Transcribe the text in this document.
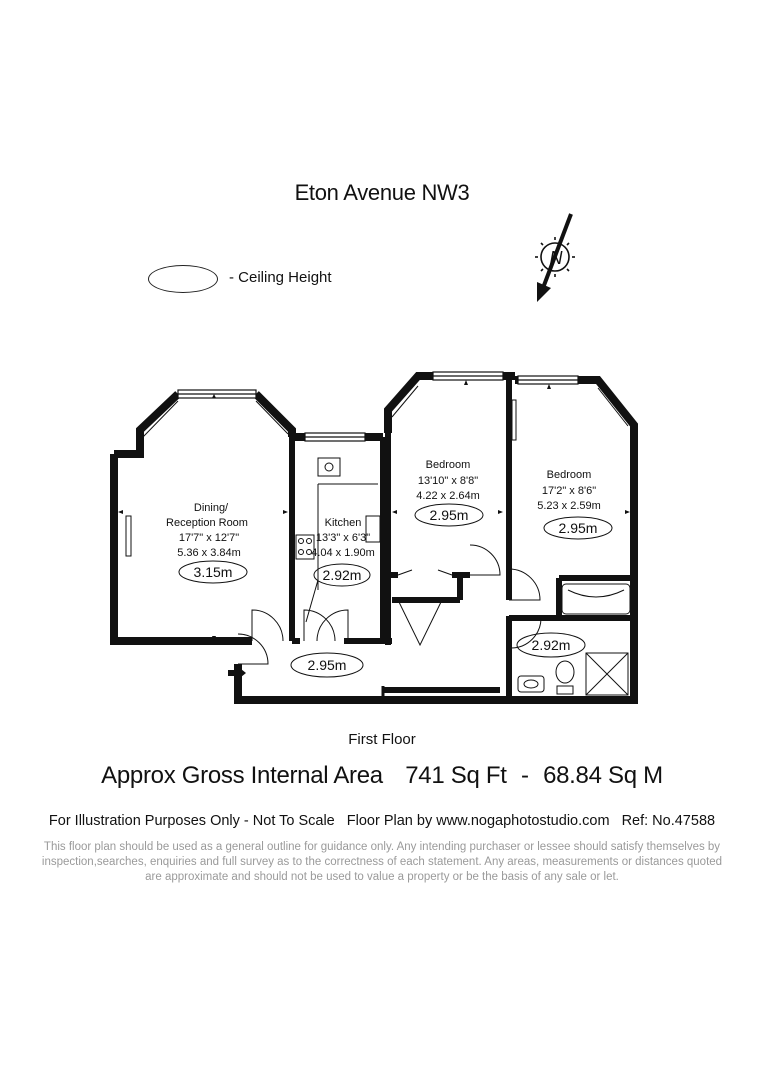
Eton Avenue NW3
- Ceiling Height
N
Dining/
Reception Room
17'7" x 12'7"
5.36 x 3.84m
3.15m
Kitchen
13'3" x 6'3"
4.04 x 1.90m
2.92m
Bedroom
13'10" x 8'8"
4.22 x 2.64m
2.95m
Bedroom
17'2" x 8'6"
5.23 x 2.59m
2.95m
2.95m
2.92m
First Floor
Approx Gross Internal Area 741 Sq Ft - 68.84 Sq M
For Illustration Purposes Only - Not To Scale Floor Plan by www.nogaphotostudio.com Ref: No.47588
This floor plan should be used as a general outline for guidance only. Any intending purchaser or lessee should satisfy themselves by inspection,searches, enquiries and full survey as to the correctness of each statement. Any areas, measurements or distances quoted are approximate and should not be used to value a property or be the basis of any sale or let.
